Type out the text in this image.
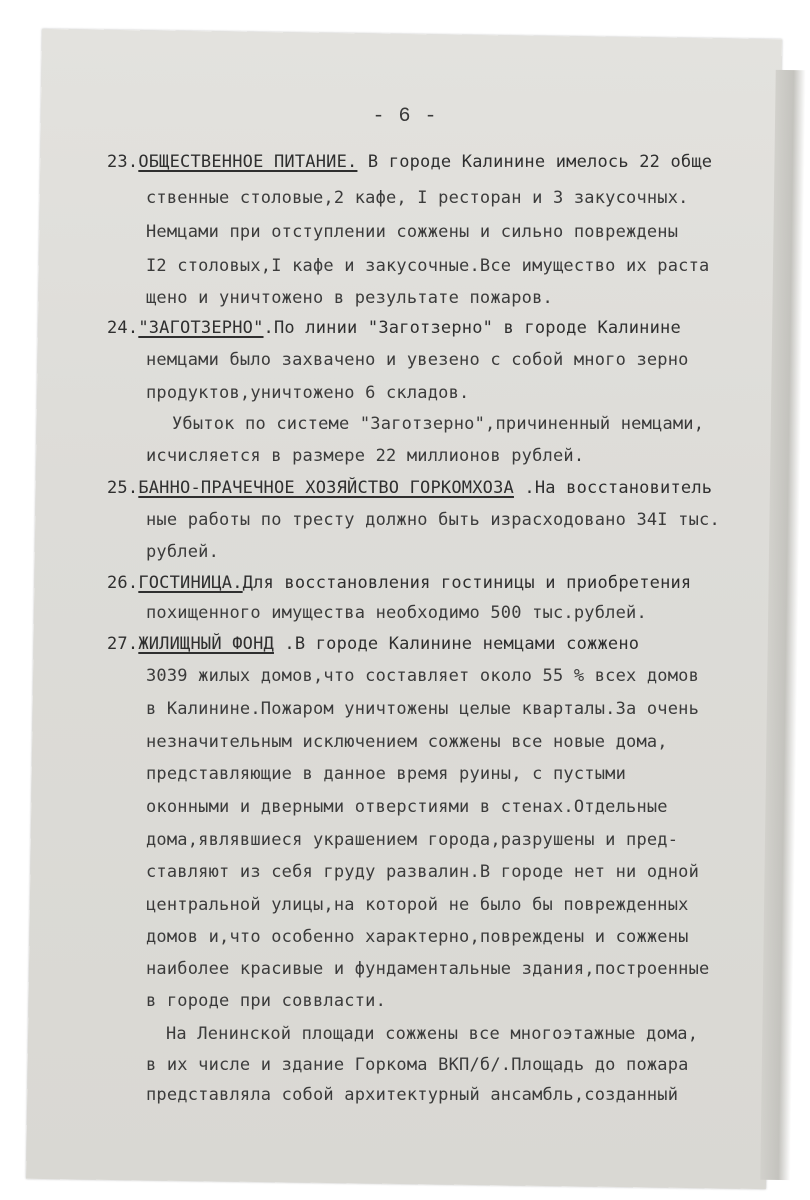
- 6 -
23.ОБЩЕСТВЕННОЕ ПИТАНИЕ. В городе Калинине имелось 22 обще
ственные столовые,2 кафе, I ресторан и 3 закусочных.
Немцами при отступлении сожжены и сильно повреждены
I2 столовых,I кафе и закусочные.Все имущество их раста
щено и уничтожено в результате пожаров.
24."ЗАГОТЗЕРНО".По линии "Заготзерно" в городе Калинине
немцами было захвачено и увезено с собой много зерно
продуктов,уничтожено 6 складов.
Убыток по системе "Заготзерно",причиненный немцами,
исчисляется в размере 22 миллионов рублей.
25.БАННО-ПРАЧЕЧНОЕ ХОЗЯЙСТВО ГОРКОМХОЗА .На восстановитель
ные работы по тресту должно быть израсходовано 34I тыс.
рублей.
26.ГОСТИНИЦА.Для восстановления гостиницы и приобретения
похищенного имущества необходимо 500 тыс.рублей.
27.ЖИЛИЩНЫЙ ФОНД .В городе Калинине немцами сожжено
3039 жилых домов,что составляет около 55 % всех домов
в Калинине.Пожаром уничтожены целые кварталы.За очень
незначительным исключением сожжены все новые дома,
представляющие в данное время руины, с пустыми
оконными и дверными отверстиями в стенах.Отдельные
дома,являвшиеся украшением города,разрушены и пред-
ставляют из себя груду развалин.В городе нет ни одной
центральной улицы,на которой не было бы поврежденных
домов и,что особенно характерно,повреждены и сожжены
наиболее красивые и фундаментальные здания,построенные
в городе при соввласти.
На Ленинской площади сожжены все многоэтажные дома,
в их числе и здание Горкома ВКП/б/.Площадь до пожара
представляла собой архитектурный ансамбль,созданный
